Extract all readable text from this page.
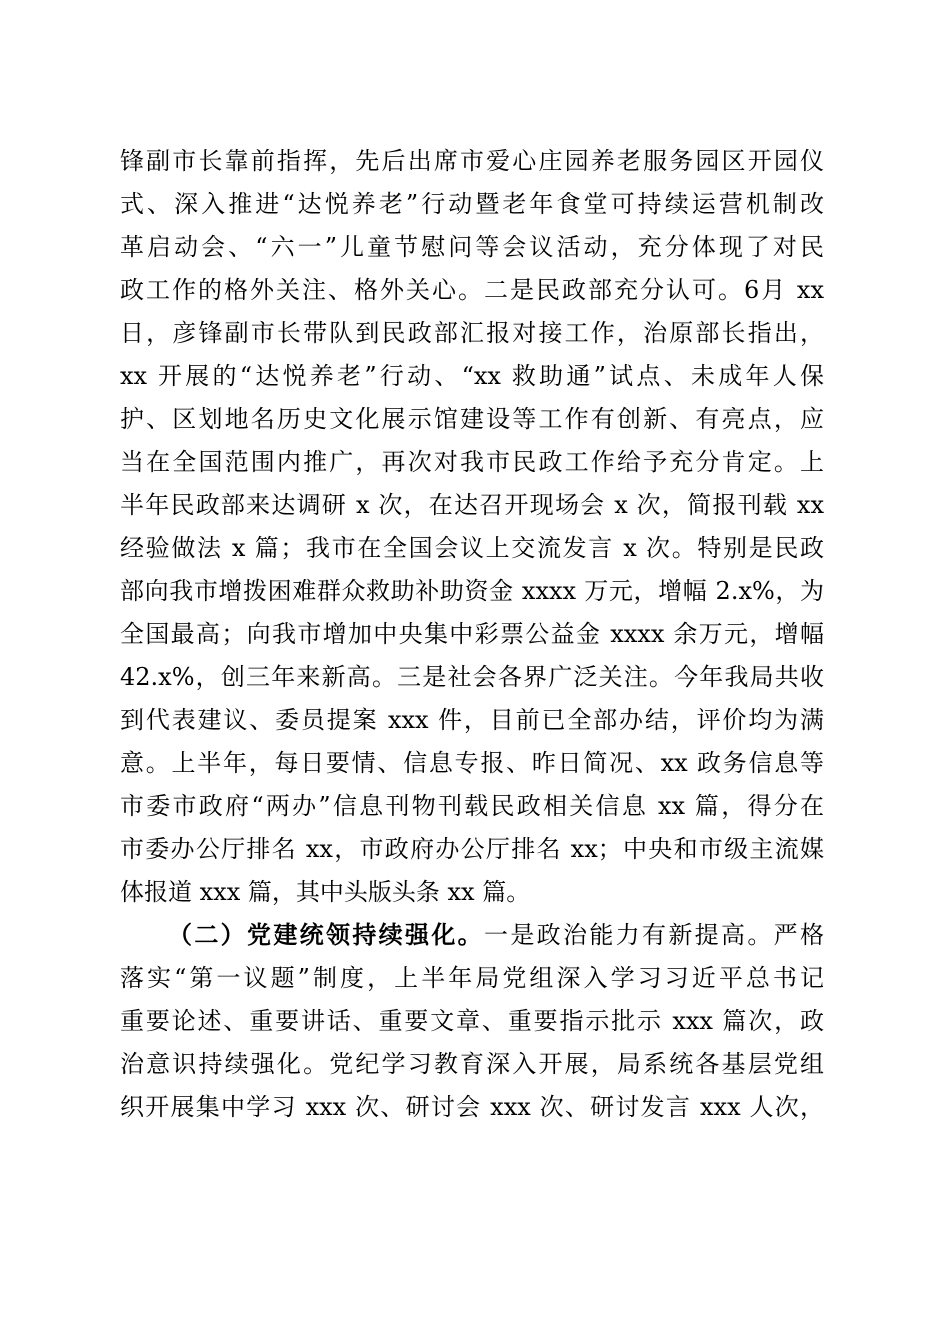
锋副市长靠前指挥，先后出席市爱心庄园养老服务园区开园仪
式、深入推进“达悦养老”行动暨老年食堂可持续运营机制改
革启动会、“六一”儿童节慰问等会议活动，充分体现了对民
政工作的格外关注、格外关心。二是民政部充分认可。6月 xx
日，彦锋副市长带队到民政部汇报对接工作，治原部长指出，
xx 开展的“达悦养老”行动、“xx 救助通”试点、未成年人保
护、区划地名历史文化展示馆建设等工作有创新、有亮点，应
当在全国范围内推广，再次对我市民政工作给予充分肯定。上
半年民政部来达调研 x 次，在达召开现场会 x 次，简报刊载 xx
经验做法 x 篇；我市在全国会议上交流发言 x 次。特别是民政
部向我市增拨困难群众救助补助资金 xxxx 万元，增幅 2.x%，为
全国最高；向我市增加中央集中彩票公益金 xxxx 余万元，增幅
42.x%，创三年来新高。三是社会各界广泛关注。今年我局共收
到代表建议、委员提案 xxx 件，目前已全部办结，评价均为满
意。上半年，每日要情、信息专报、昨日简况、xx 政务信息等
市委市政府“两办”信息刊物刊载民政相关信息 xx 篇，得分在
市委办公厅排名 xx，市政府办公厅排名 xx；中央和市级主流媒
体报道 xxx 篇，其中头版头条 xx 篇。
（二）党建统领持续强化。一是政治能力有新提高。严格
落实“第一议题”制度，上半年局党组深入学习习近平总书记
重要论述、重要讲话、重要文章、重要指示批示 xxx 篇次，政
治意识持续强化。党纪学习教育深入开展，局系统各基层党组
织开展集中学习 xxx 次、研讨会 xxx 次、研讨发言 xxx 人次，
